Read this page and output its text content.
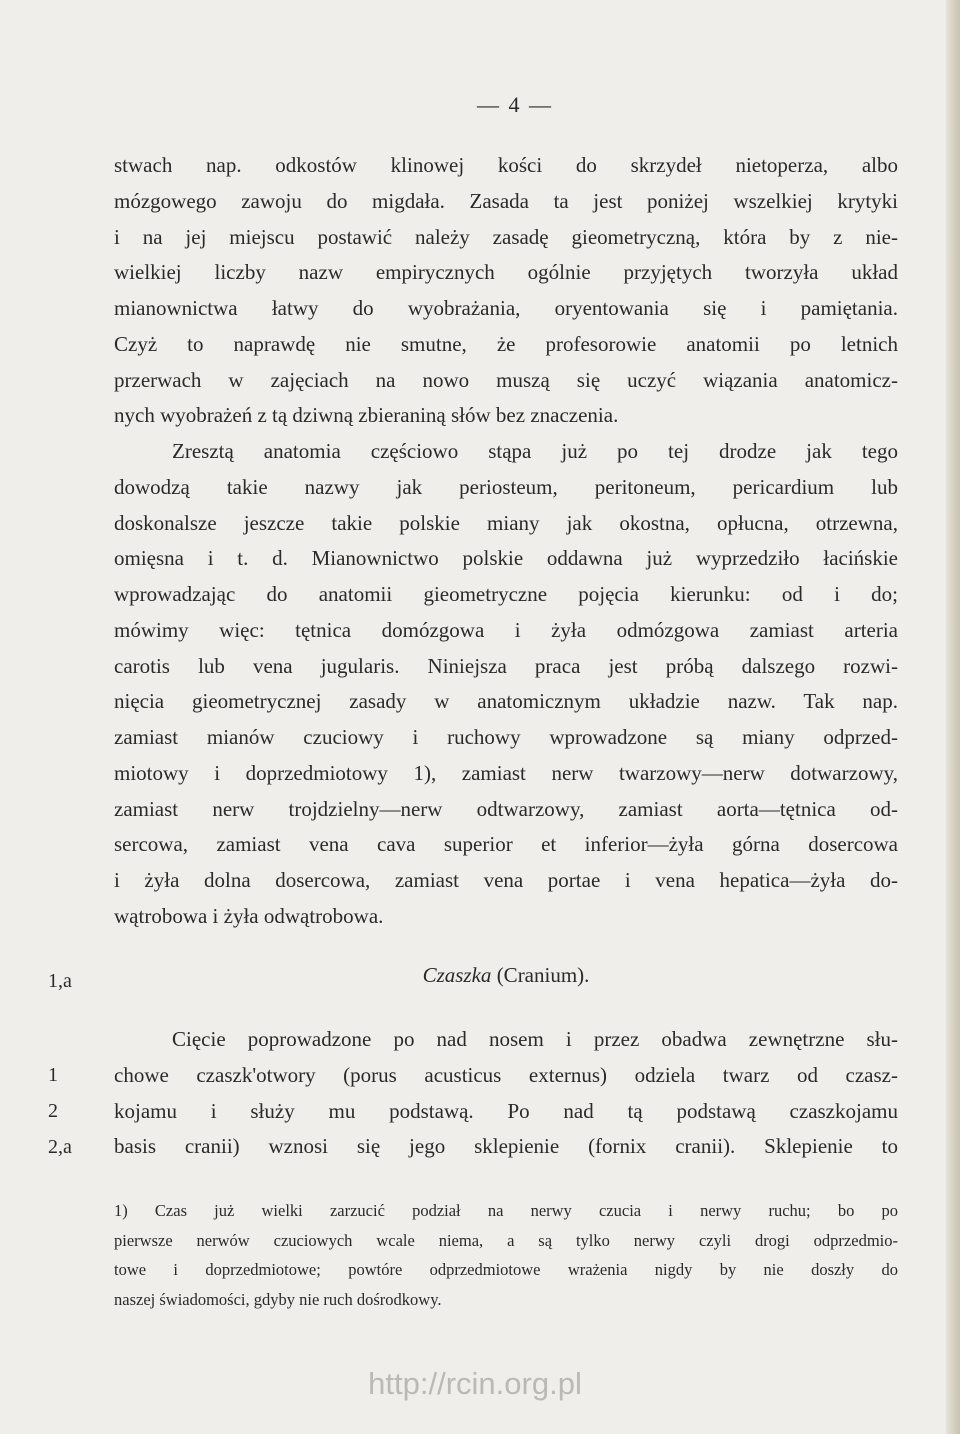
— 4 —
stwach nap. odkostów klinowej kości do skrzydeł nietoperza, albo
mózgowego zawoju do migdała. Zasada ta jest poniżej wszelkiej krytyki
i na jej miejscu postawić należy zasadę gieometryczną, która by z nie-
wielkiej liczby nazw empirycznych ogólnie przyjętych tworzyła układ
mianownictwa łatwy do wyobrażania, oryentowania się i pamiętania.
Czyż to naprawdę nie smutne, że profesorowie anatomii po letnich
przerwach w zajęciach na nowo muszą się uczyć wiązania anatomicz-
nych wyobrażeń z tą dziwną zbieraniną słów bez znaczenia.
Zresztą anatomia częściowo stąpa już po tej drodze jak tego
dowodzą takie nazwy jak periosteum, peritoneum, pericardium lub
doskonalsze jeszcze takie polskie miany jak okostna, opłucna, otrzewna,
omięsna i t. d. Mianownictwo polskie oddawna już wyprzedziło łacińskie
wprowadzając do anatomii gieometryczne pojęcia kierunku: od i do;
mówimy więc: tętnica domózgowa i żyła odmózgowa zamiast arteria
carotis lub vena jugularis. Niniejsza praca jest próbą dalszego rozwi-
nięcia gieometrycznej zasady w anatomicznym układzie nazw. Tak nap.
zamiast mianów czuciowy i ruchowy wprowadzone są miany odprzed-
miotowy i doprzedmiotowy 1), zamiast nerw twarzowy—nerw dotwarzowy,
zamiast nerw trojdzielny—nerw odtwarzowy, zamiast aorta—tętnica od-
sercowa, zamiast vena cava superior et inferior—żyła górna dosercowa
i żyła dolna dosercowa, zamiast vena portae i vena hepatica—żyła do-
wątrobowa i żyła odwątrobowa.
1,a	Czaszka (Cranium).
Cięcie poprowadzone po nad nosem i przez obadwa zewnętrzne słu-
chowe czaszk'otwory (porus acusticus externus) odziela twarz od czasz-
kojamu i służy mu podstawą. Po nad tą podstawą czaszkojamu
basis cranii) wznosi się jego sklepienie (fornix cranii). Sklepienie to
1
2
2,a
1) Czas już wielki zarzucić podział na nerwy czucia i nerwy ruchu; bo po
pierwsze nerwów czuciowych wcale niema, a są tylko nerwy czyli drogi odprzedmio-
towe i doprzedmiotowe; powtóre odprzedmiotowe wrażenia nigdy by nie doszły do
naszej świadomości, gdyby nie ruch dośrodkowy.
http://rcin.org.pl
